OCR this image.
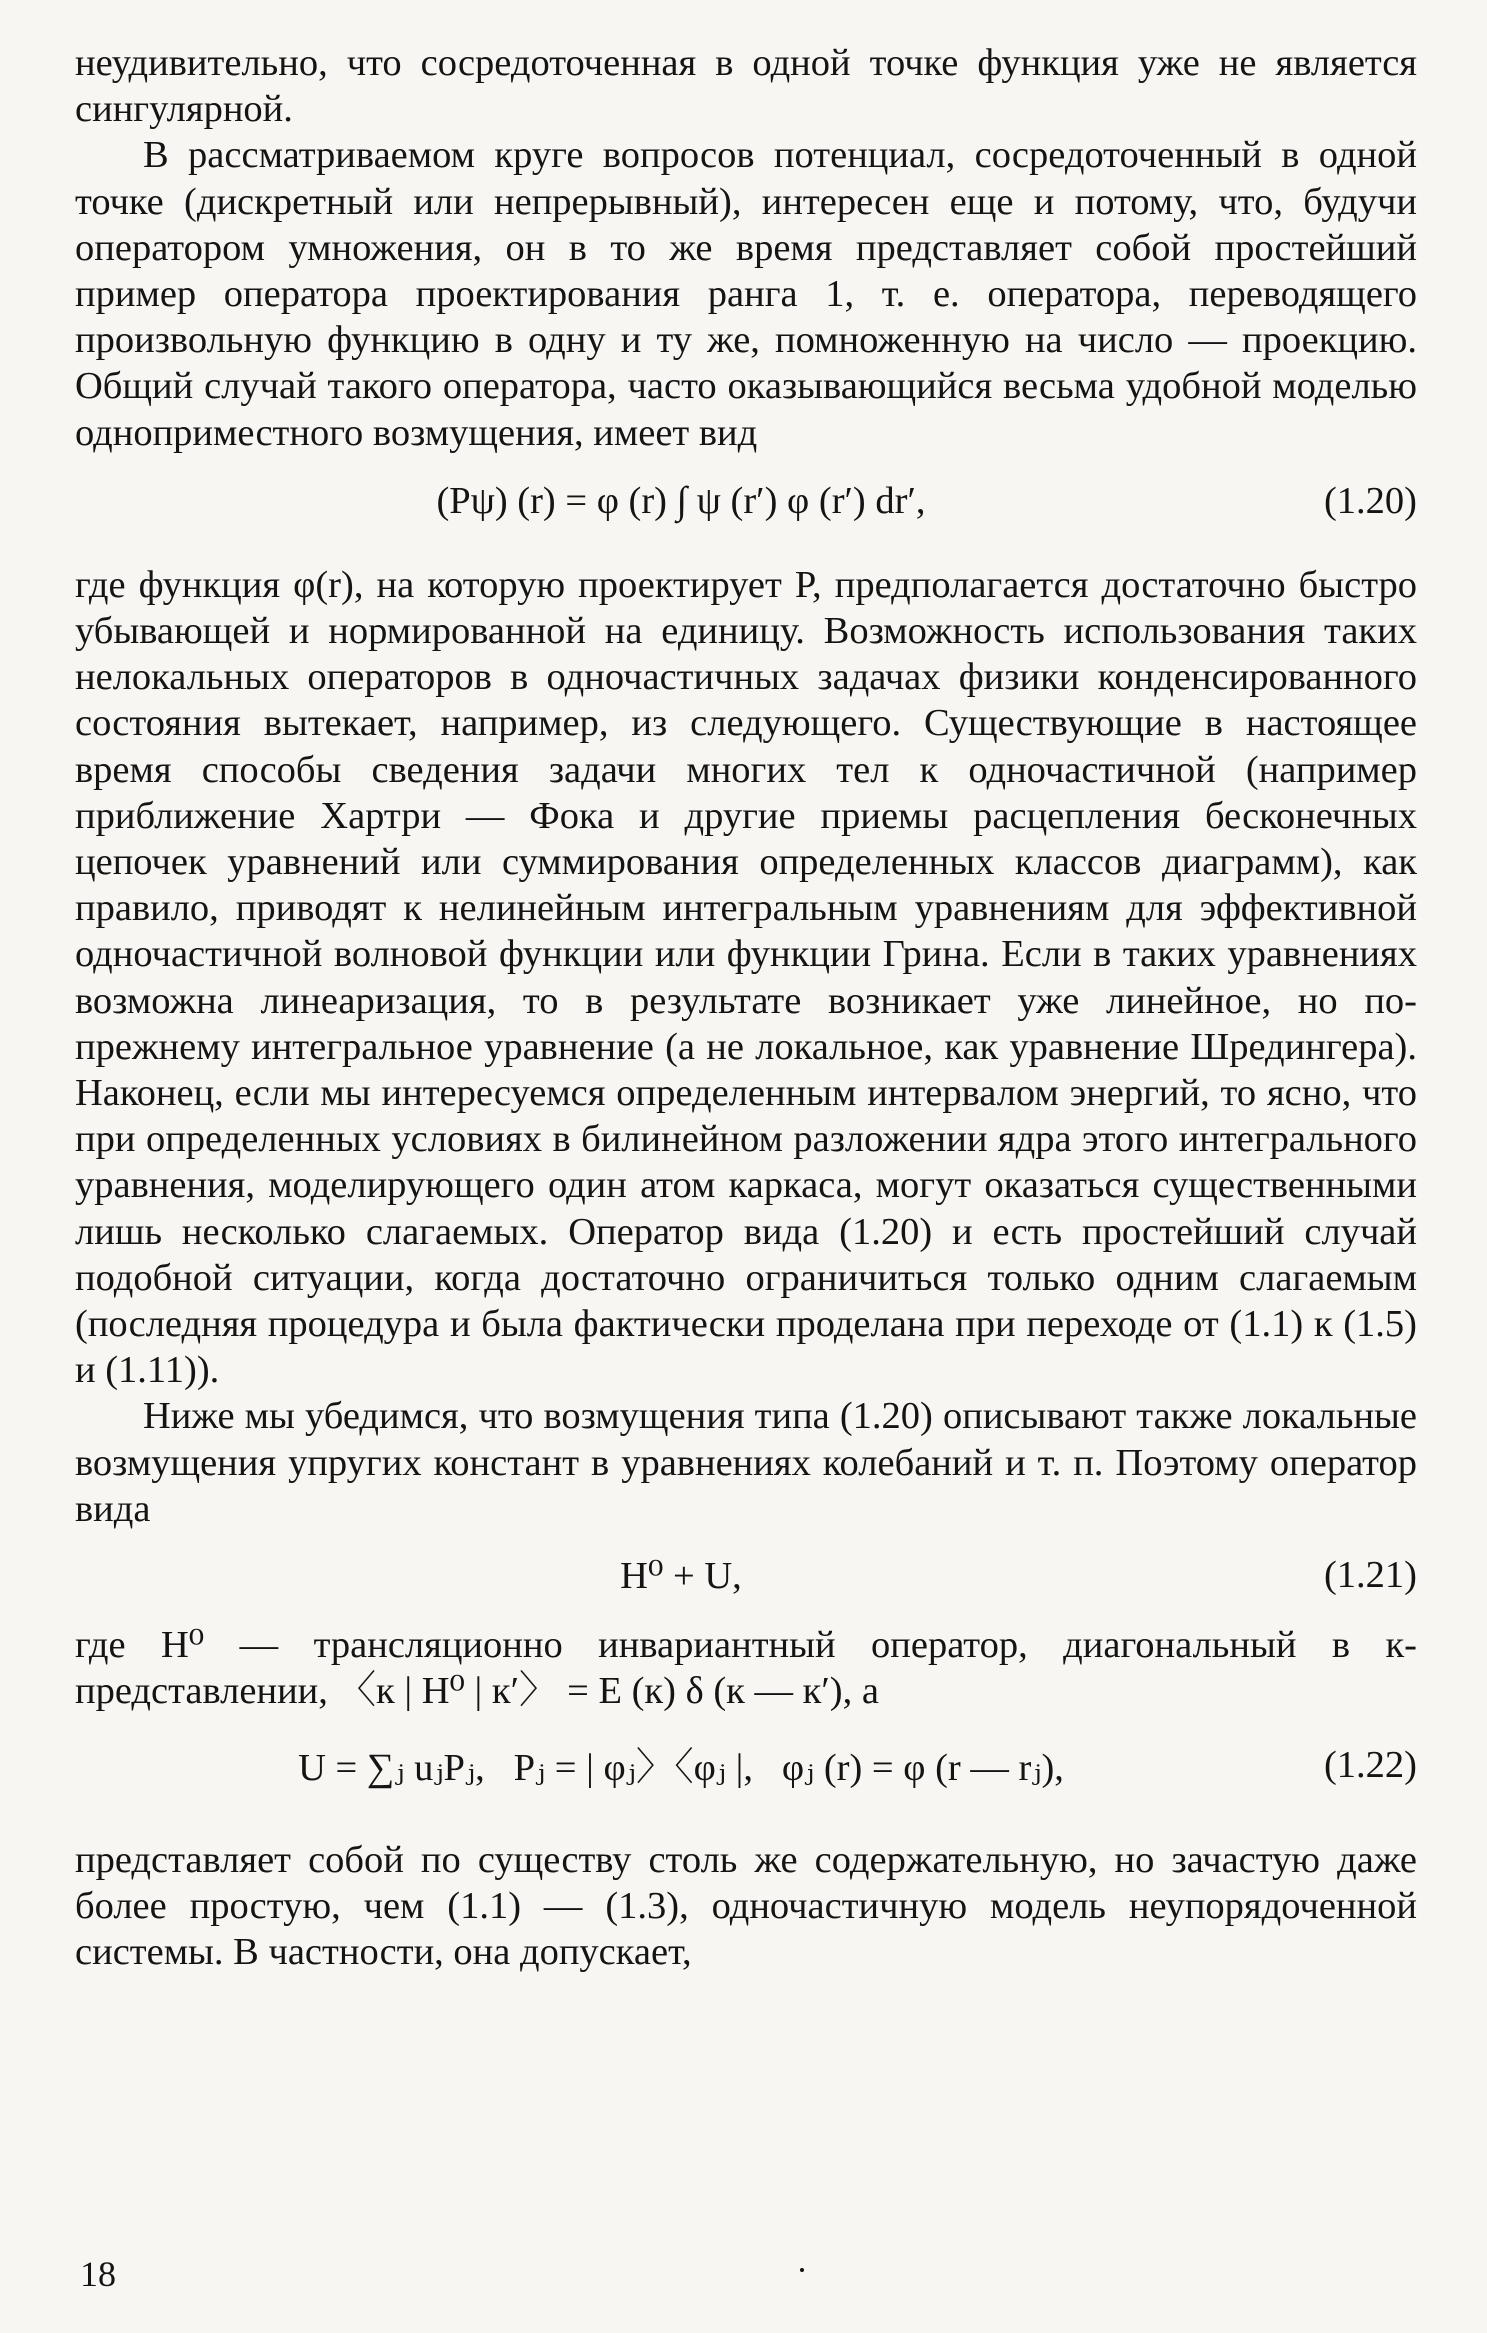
неудивительно, что сосредоточенная в одной точке функция уже не является сингулярной.

В рассматриваемом круге вопросов потенциал, сосредоточенный в одной точке (дискретный или непрерывный), интересен еще и потому, что, будучи оператором умножения, он в то же время представляет собой простейший пример оператора проектирования ранга 1, т. е. оператора, переводящего произвольную функцию в одну и ту же, помноженную на число — проекцию. Общий случай такого оператора, часто оказывающийся весьма удобной моделью одноприместного возмущения, имеет вид

(Pψ) (r) = φ (r) ∫ ψ (r′) φ (r′) dr′,	(1.20)

где функция φ(r), на которую проектирует P, предполагается достаточно быстро убывающей и нормированной на единицу. Возможность использования таких нелокальных операторов в одночастичных задачах физики конденсированного состояния вытекает, например, из следующего. Существующие в настоящее время способы сведения задачи многих тел к одночастичной (например приближение Хартри — Фока и другие приемы расцепления бесконечных цепочек уравнений или суммирования определенных классов диаграмм), как правило, приводят к нелинейным интегральным уравнениям для эффективной одночастичной волновой функции или функции Грина. Если в таких уравнениях возможна линеаризация, то в результате возникает уже линейное, но по-прежнему интегральное уравнение (а не локальное, как уравнение Шредингера). Наконец, если мы интересуемся определенным интервалом энергий, то ясно, что при определенных условиях в билинейном разложении ядра этого интегрального уравнения, моделирующего один атом каркаса, могут оказаться существенными лишь несколько слагаемых. Оператор вида (1.20) и есть простейший случай подобной ситуации, когда достаточно ограничиться только одним слагаемым (последняя процедура и была фактически проделана при переходе от (1.1) к (1.5) и (1.11)).

Ниже мы убедимся, что возмущения типа (1.20) описывают также локальные возмущения упругих констант в уравнениях колебаний и т. п. Поэтому оператор вида

H⁰ + U,	(1.21)

где H⁰ — трансляционно инвариантный оператор, диагональный в к-представлении, 〈к | H⁰ | к′〉 = E (к) δ (к — к′), а

U = ∑ⱼ uⱼPⱼ,   Pⱼ = | φⱼ〉〈φⱼ |,   φⱼ (r) = φ (r — rⱼ),	(1.22)

представляет собой по существу столь же содержательную, но зачастую даже более простую, чем (1.1) — (1.3), одночастичную модель неупорядоченной системы. В частности, она допускает,

18
